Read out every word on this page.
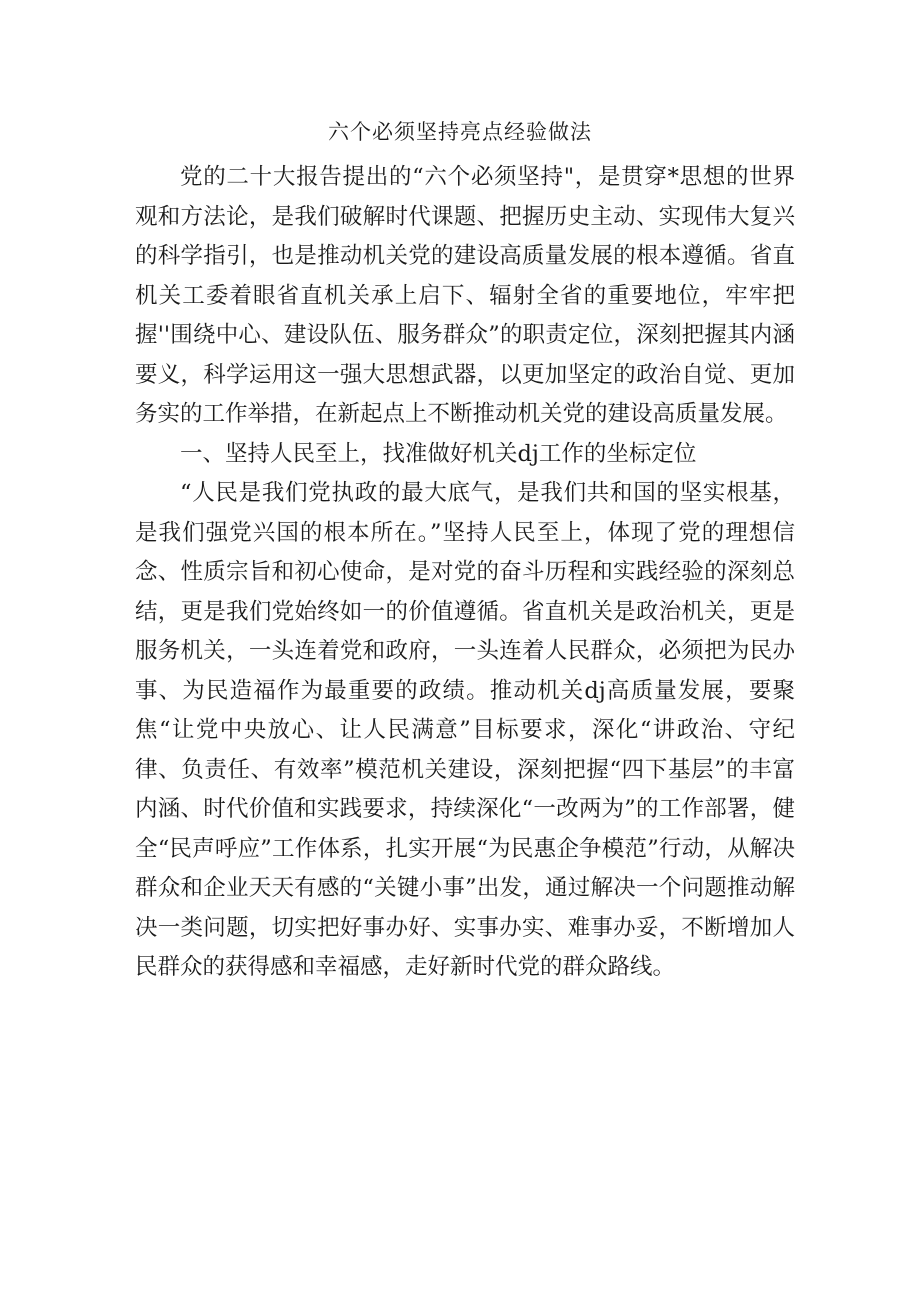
六个必须坚持亮点经验做法

党的二十大报告提出的“六个必须坚持"，是贯穿*思想的世界观和方法论，是我们破解时代课题、把握历史主动、实现伟大复兴的科学指引，也是推动机关党的建设高质量发展的根本遵循。省直机关工委着眼省直机关承上启下、辐射全省的重要地位，牢牢把握''围绕中心、建设队伍、服务群众”的职责定位，深刻把握其内涵要义，科学运用这一强大思想武器，以更加坚定的政治自觉、更加务实的工作举措，在新起点上不断推动机关党的建设高质量发展。

一、坚持人民至上，找准做好机关dj工作的坐标定位

“人民是我们党执政的最大底气，是我们共和国的坚实根基，是我们强党兴国的根本所在。”坚持人民至上，体现了党的理想信念、性质宗旨和初心使命，是对党的奋斗历程和实践经验的深刻总结，更是我们党始终如一的价值遵循。省直机关是政治机关，更是服务机关，一头连着党和政府，一头连着人民群众，必须把为民办事、为民造福作为最重要的政绩。推动机关dj高质量发展，要聚焦“让党中央放心、让人民满意”目标要求，深化“讲政治、守纪律、负责任、有效率”模范机关建设，深刻把握“四下基层”的丰富内涵、时代价值和实践要求，持续深化“一改两为”的工作部署，健全“民声呼应”工作体系，扎实开展“为民惠企争模范”行动，从解决群众和企业天天有感的“关键小事”出发，通过解决一个问题推动解决一类问题，切实把好事办好、实事办实、难事办妥，不断增加人民群众的获得感和幸福感，走好新时代党的群众路线。
